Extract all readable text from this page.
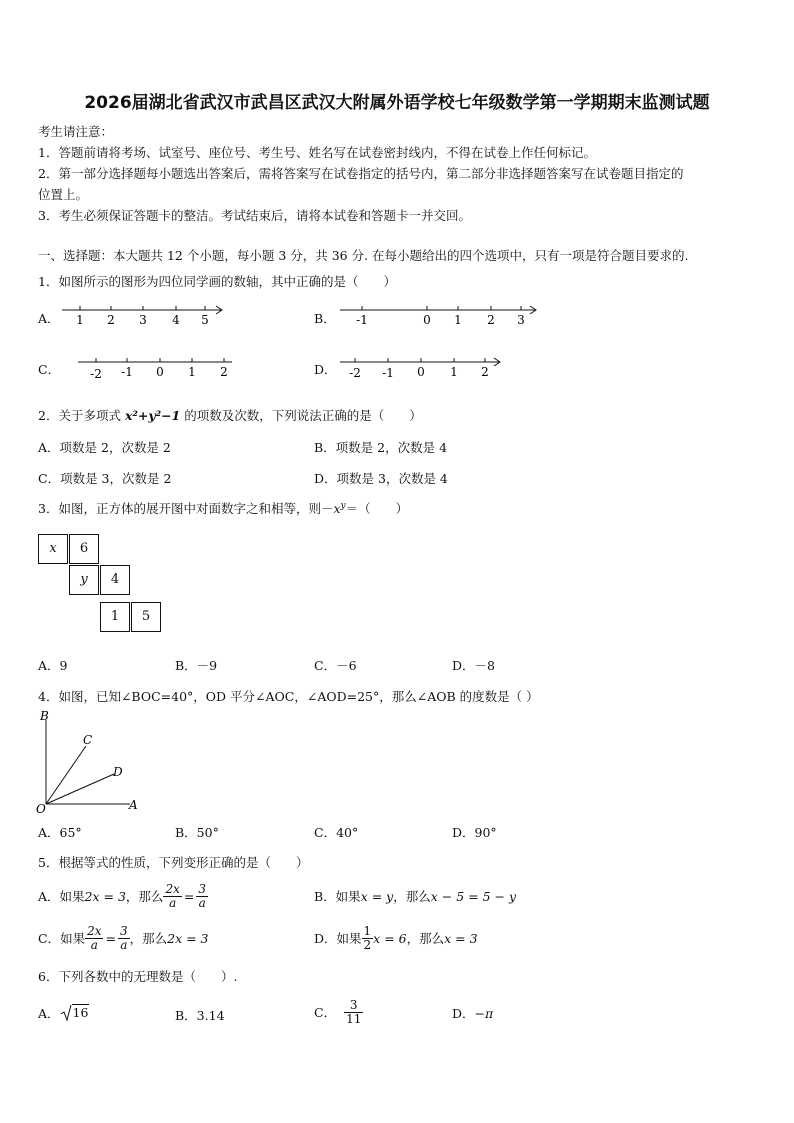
2026届湖北省武汉市武昌区武汉大附属外语学校七年级数学第一学期期末监测试题
考生请注意：
1．答题前请将考场、试室号、座位号、考生号、姓名写在试卷密封线内，不得在试卷上作任何标记。
2．第一部分选择题每小题选出答案后，需将答案写在试卷指定的括号内，第二部分非选择题答案写在试卷题目指定的
位置上。
3．考生必须保证答题卡的整洁。考试结束后，请将本试卷和答题卡一并交回。
一、选择题：本大题共 12 个小题，每小题 3 分，共 36 分. 在每小题给出的四个选项中，只有一项是符合题目要求的.
1．如图所示的图形为四位同学画的数轴，其中正确的是（　　）
A． 1 2 3 4 5	B． -1	0 1 2 3
C．	-2 -1 0 1 2	D． -2 -1 0 1 2
2．关于多项式 x²+y²−1 的项数及次数，下列说法正确的是（　　）
A．项数是 2，次数是 2	B．项数是 2，次数是 4
C．项数是 3，次数是 2	D．项数是 3，次数是 4
3．如图，正方体的展开图中对面数字之和相等，则$-x^y=$（　　）
x	6
y	4
1	5
A．9	B．－9	C．－6	D．－8
4．如图，已知∠BOC=40°，OD 平分∠AOC，∠AOD=25°，那么∠AOB 的度数是（ ）
B
C
D
O	A
A．65°	B．50°	C．40°	D．90°
5．根据等式的性质，下列变形正确的是（　　）
A．如果 2x = 3 ，那么 $\frac{2x}{a} = \frac{3}{a}$	B．如果 x = y ，那么 x − 5 = 5 − y
C．如果 $\frac{2x}{a} = \frac{3}{a}$ ，那么 2x = 3	D．如果 $\frac{1}{2}$ x = 6 ，那么 x = 3
6．下列各数中的无理数是（　　）.
A． 16	B．3.14	C． $\frac{3}{11}$	D．−π
